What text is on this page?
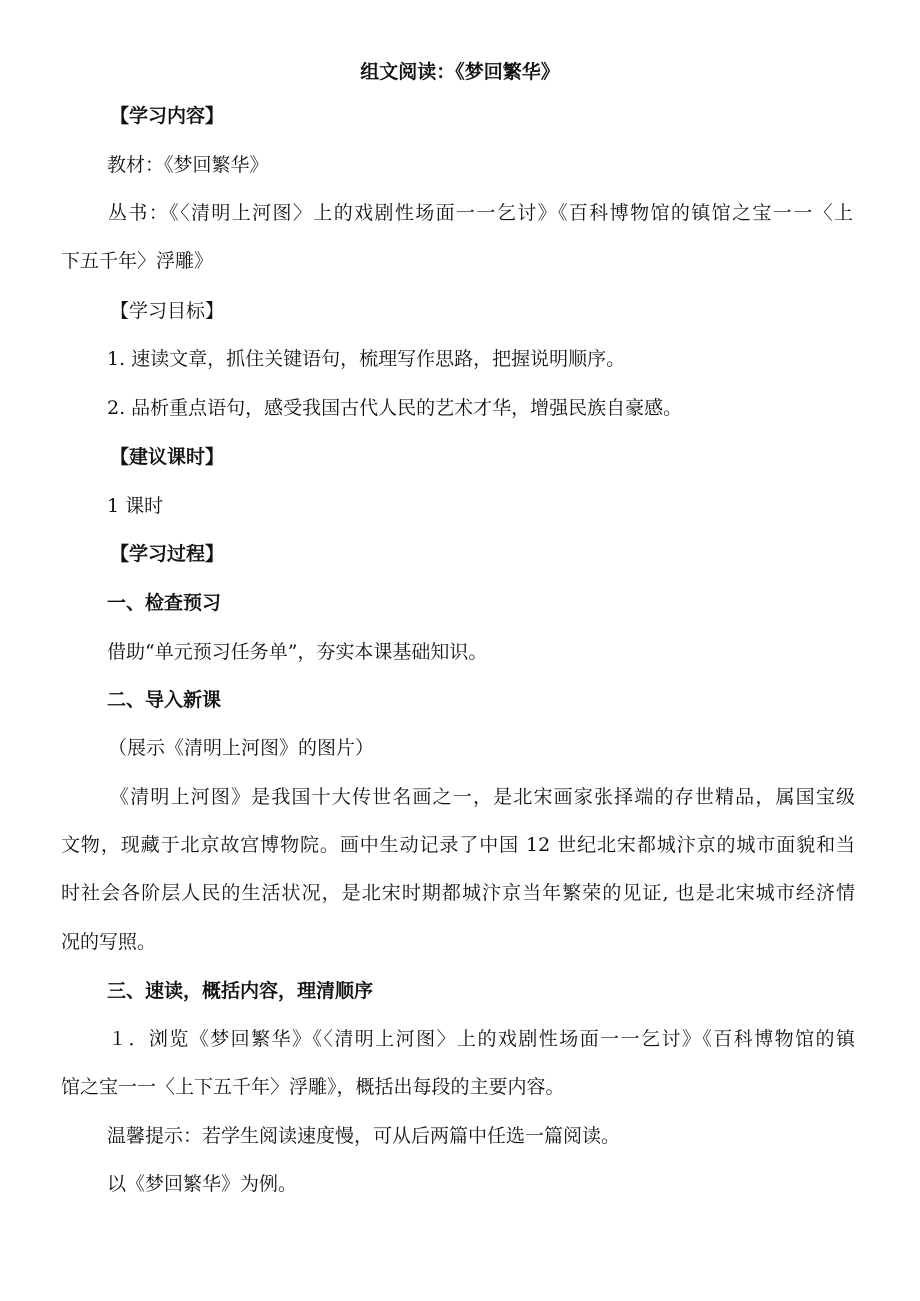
组文阅读：《梦回繁华》
【学习内容】
教材：《梦回繁华》
丛书：《〈清明上河图〉上的戏剧性场面一一乞讨》《百科博物馆的镇馆之宝一一〈上
下五千年〉浮雕》
【学习目标】
1. 速读文章，抓住关键语句，梳理写作思路，把握说明顺序。
2. 品析重点语句，感受我国古代人民的艺术才华，增强民族自豪感。
【建议课时】
1 课时
【学习过程】
一、检查预习
借助“单元预习任务单”，夯实本课基础知识。
二、导入新课
（展示《清明上河图》的图片）
《清明上河图》是我国十大传世名画之一，是北宋画家张择端的存世精品，属国宝级
文物，现藏于北京故宫博物院。画中生动记录了中国 12 世纪北宋都城汴京的城市面貌和当
时社会各阶层人民的生活状况，是北宋时期都城汴京当年繁荣的见证, 也是北宋城市经济情
况的写照。
三、速读，概括内容，理清顺序
１．浏览《梦回繁华》《〈清明上河图〉上的戏剧性场面一一乞讨》《百科博物馆的镇
馆之宝一一〈上下五千年〉浮雕》，概括出每段的主要内容。
温馨提示：若学生阅读速度慢，可从后两篇中任选一篇阅读。
以《梦回繁华》为例。
